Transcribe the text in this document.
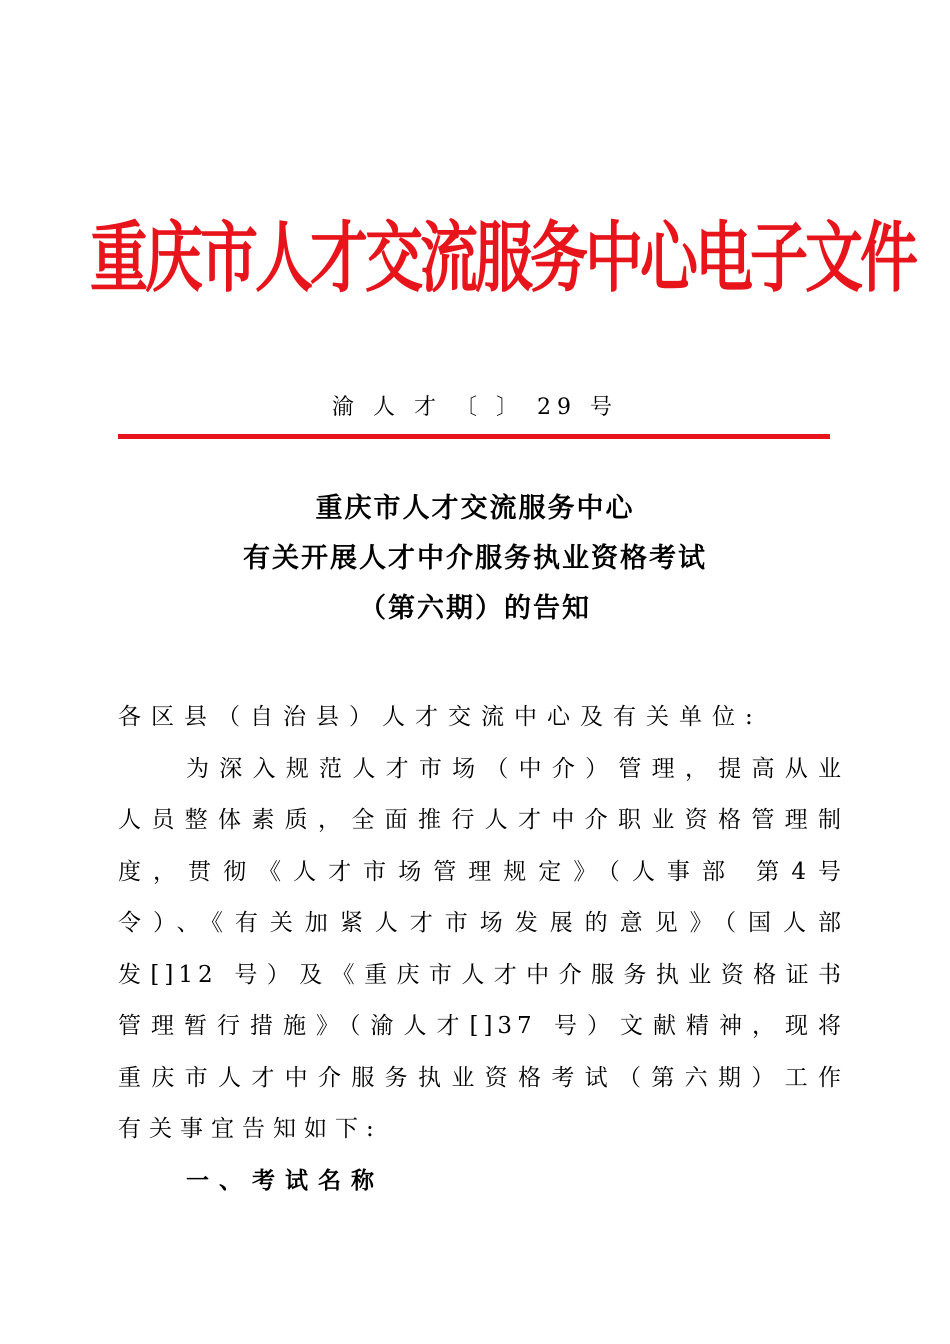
重庆市人才交流服务中心电子文件
渝 人 才 〔 〕 29 号
重庆市人才交流服务中心
有关开展人才中介服务执业资格考试
（第六期）的告知
各区县（自治县）人才交流中心及有关单位:
为深入规范人才市场（中介）管理，提高从业
人员整体素质，全面推行人才中介职业资格管理制
度，贯彻《人才市场管理规定》（人事部 第4号
令）、《有关加紧人才市场发展的意见》（国人部
发[]12 号）及《重庆市人才中介服务执业资格证书
管理暂行措施》（渝人才[]37 号）文献精神，现将
重庆市人才中介服务执业资格考试（第六期）工作
有关事宜告知如下:
一、考试名称
